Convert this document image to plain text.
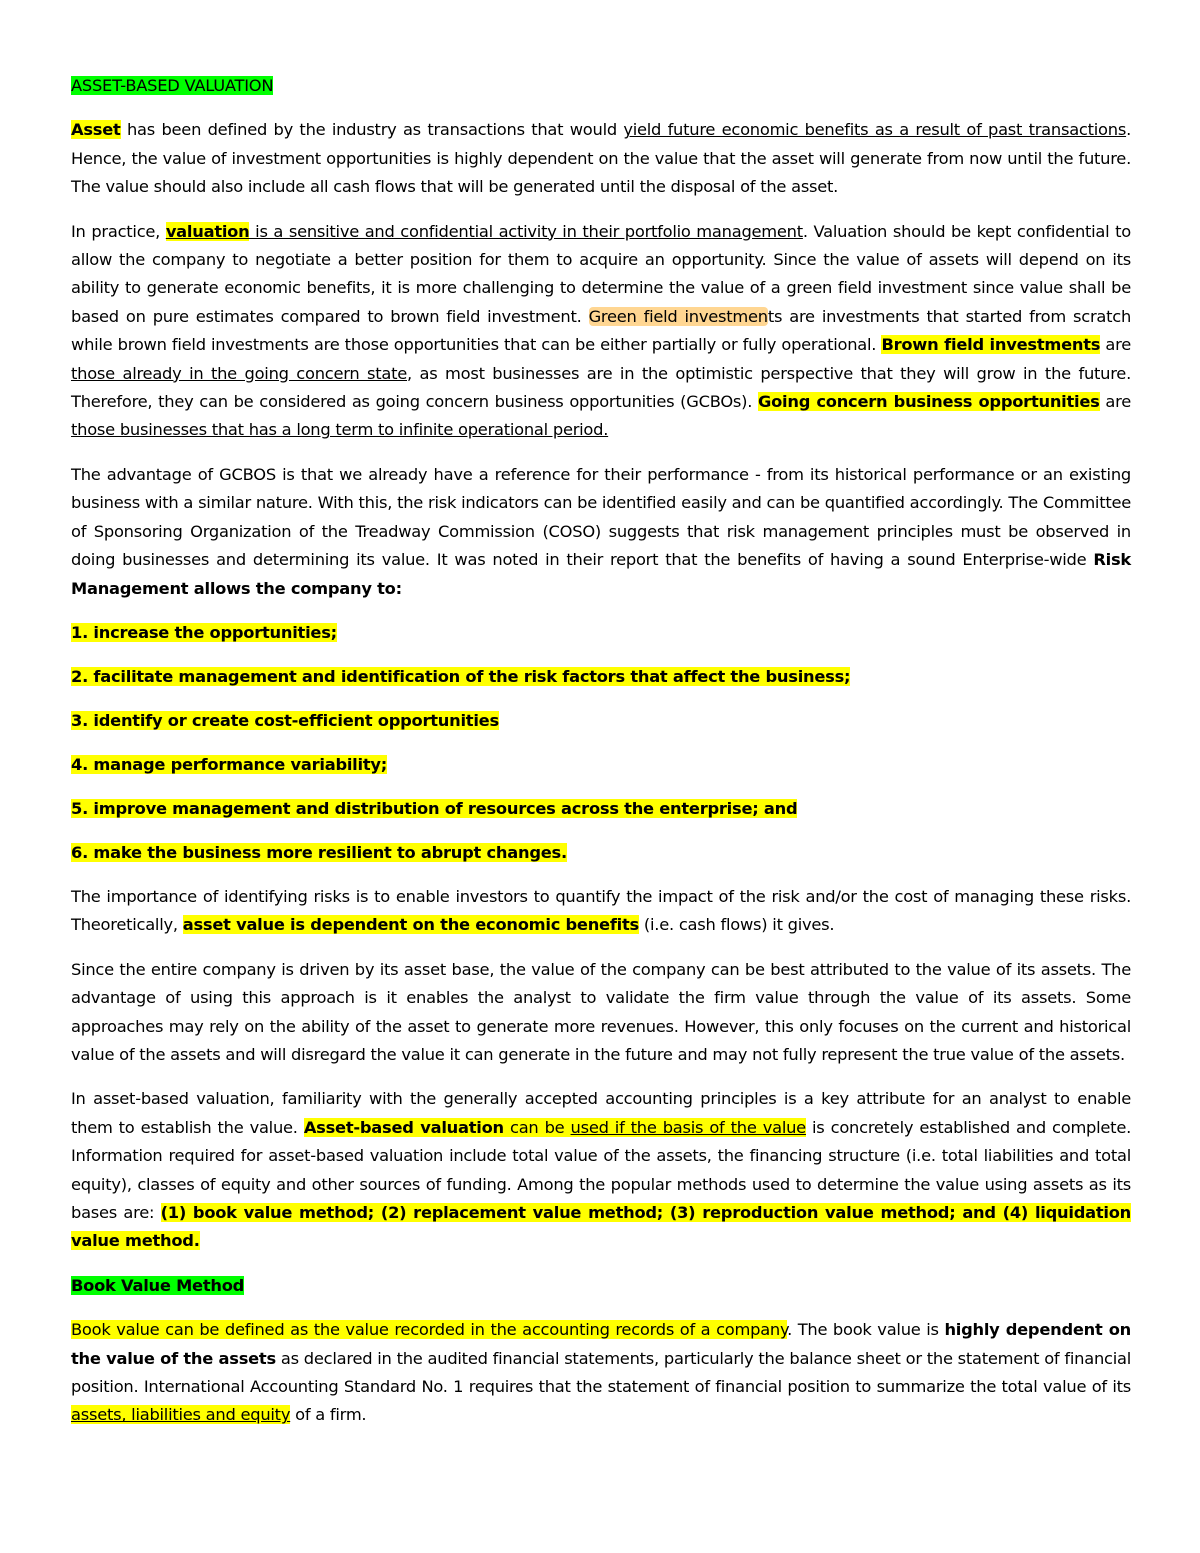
ASSET-BASED VALUATION

Asset has been defined by the industry as transactions that would yield future economic benefits as a result of past transactions. Hence, the value of investment opportunities is highly dependent on the value that the asset will generate from now until the future. The value should also include all cash flows that will be generated until the disposal of the asset.

In practice, valuation is a sensitive and confidential activity in their portfolio management. Valuation should be kept confidential to allow the company to negotiate a better position for them to acquire an opportunity. Since the value of assets will depend on its ability to generate economic benefits, it is more challenging to determine the value of a green field investment since value shall be based on pure estimates compared to brown field investment. Green field investments are investments that started from scratch while brown field investments are those opportunities that can be either partially or fully operational. Brown field investments are those already in the going concern state, as most businesses are in the optimistic perspective that they will grow in the future. Therefore, they can be considered as going concern business opportunities (GCBOs). Going concern business opportunities are those businesses that has a long term to infinite operational period.

The advantage of GCBOS is that we already have a reference for their performance - from its historical performance or an existing business with a similar nature. With this, the risk indicators can be identified easily and can be quantified accordingly. The Committee of Sponsoring Organization of the Treadway Commission (COSO) suggests that risk management principles must be observed in doing businesses and determining its value. It was noted in their report that the benefits of having a sound Enterprise-wide Risk Management allows the company to:

1. increase the opportunities;
2. facilitate management and identification of the risk factors that affect the business;
3. identify or create cost-efficient opportunities
4. manage performance variability;
5. improve management and distribution of resources across the enterprise; and
6. make the business more resilient to abrupt changes.

The importance of identifying risks is to enable investors to quantify the impact of the risk and/or the cost of managing these risks. Theoretically, asset value is dependent on the economic benefits (i.e. cash flows) it gives.

Since the entire company is driven by its asset base, the value of the company can be best attributed to the value of its assets. The advantage of using this approach is it enables the analyst to validate the firm value through the value of its assets. Some approaches may rely on the ability of the asset to generate more revenues. However, this only focuses on the current and historical value of the assets and will disregard the value it can generate in the future and may not fully represent the true value of the assets.

In asset-based valuation, familiarity with the generally accepted accounting principles is a key attribute for an analyst to enable them to establish the value. Asset-based valuation can be used if the basis of the value is concretely established and complete. Information required for asset-based valuation include total value of the assets, the financing structure (i.e. total liabilities and total equity), classes of equity and other sources of funding. Among the popular methods used to determine the value using assets as its bases are: (1) book value method; (2) replacement value method; (3) reproduction value method; and (4) liquidation value method.

Book Value Method

Book value can be defined as the value recorded in the accounting records of a company. The book value is highly dependent on the value of the assets as declared in the audited financial statements, particularly the balance sheet or the statement of financial position. International Accounting Standard No. 1 requires that the statement of financial position to summarize the total value of its assets, liabilities and equity of a firm.
